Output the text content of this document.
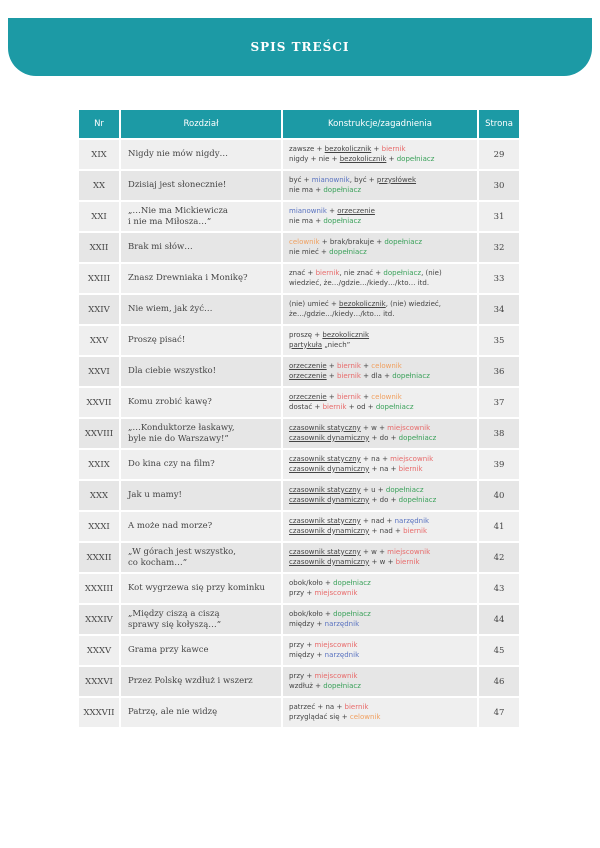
SPIS TREŚCI
Nr	Rozdział	Konstrukcje/zagadnienia	Strona
XIX	Nigdy nie mów nigdy…	zawsze + bezokolicznik + biernik
nigdy + nie + bezokolicznik + dopełniacz	29
XX	Dzisiaj jest słonecznie!	być + mianownik, być + przysłówek
nie ma + dopełniacz	30
XXI	„…Nie ma Mickiewicza
i nie ma Miłosza…”	mianownik + orzeczenie
nie ma + dopełniacz	31
XXII	Brak mi słów…	celownik + brak/brakuje + dopełniacz
nie mieć + dopełniacz	32
XXIII	Znasz Drewniaka i Monikę?	znać + biernik, nie znać + dopełniacz, (nie)
wiedzieć, że…/gdzie…/kiedy…/kto… itd.	33
XXIV	Nie wiem, jak żyć…	(nie) umieć + bezokolicznik, (nie) wiedzieć,
że…/gdzie…/kiedy…/kto… itd.	34
XXV	Proszę pisać!	proszę + bezokolicznik
partykuła „niech”	35
XXVI	Dla ciebie wszystko!	orzeczenie + biernik + celownik
orzeczenie + biernik + dla + dopełniacz	36
XXVII	Komu zrobić kawę?	orzeczenie + biernik + celownik
dostać + biernik + od + dopełniacz	37
XXVIII	„…Konduktorze łaskawy,
byle nie do Warszawy!”	czasownik statyczny + w + miejscownik
czasownik dynamiczny + do + dopełniacz	38
XXIX	Do kina czy na film?	czasownik statyczny + na + miejscownik
czasownik dynamiczny + na + biernik	39
XXX	Jak u mamy!	czasownik statyczny + u + dopełniacz
czasownik dynamiczny + do + dopełniacz	40
XXXI	A może nad morze?	czasownik statyczny + nad + narzędnik
czasownik dynamiczny + nad + biernik	41
XXXII	„W górach jest wszystko,
co kocham…”	czasownik statyczny + w + miejscownik
czasownik dynamiczny + w + biernik	42
XXXIII	Kot wygrzewa się przy kominku	obok/koło + dopełniacz
przy + miejscownik	43
XXXIV	„Między ciszą a ciszą
sprawy się kołyszą…”	obok/koło + dopełniacz
między + narzędnik	44
XXXV	Grama przy kawce	przy + miejscownik
między + narzędnik	45
XXXVI	Przez Polskę wzdłuż i wszerz	przy + miejscownik
wzdłuż + dopełniacz	46
XXXVII	Patrzę, ale nie widzę	patrzeć + na + biernik
przyglądać się + celownik	47
